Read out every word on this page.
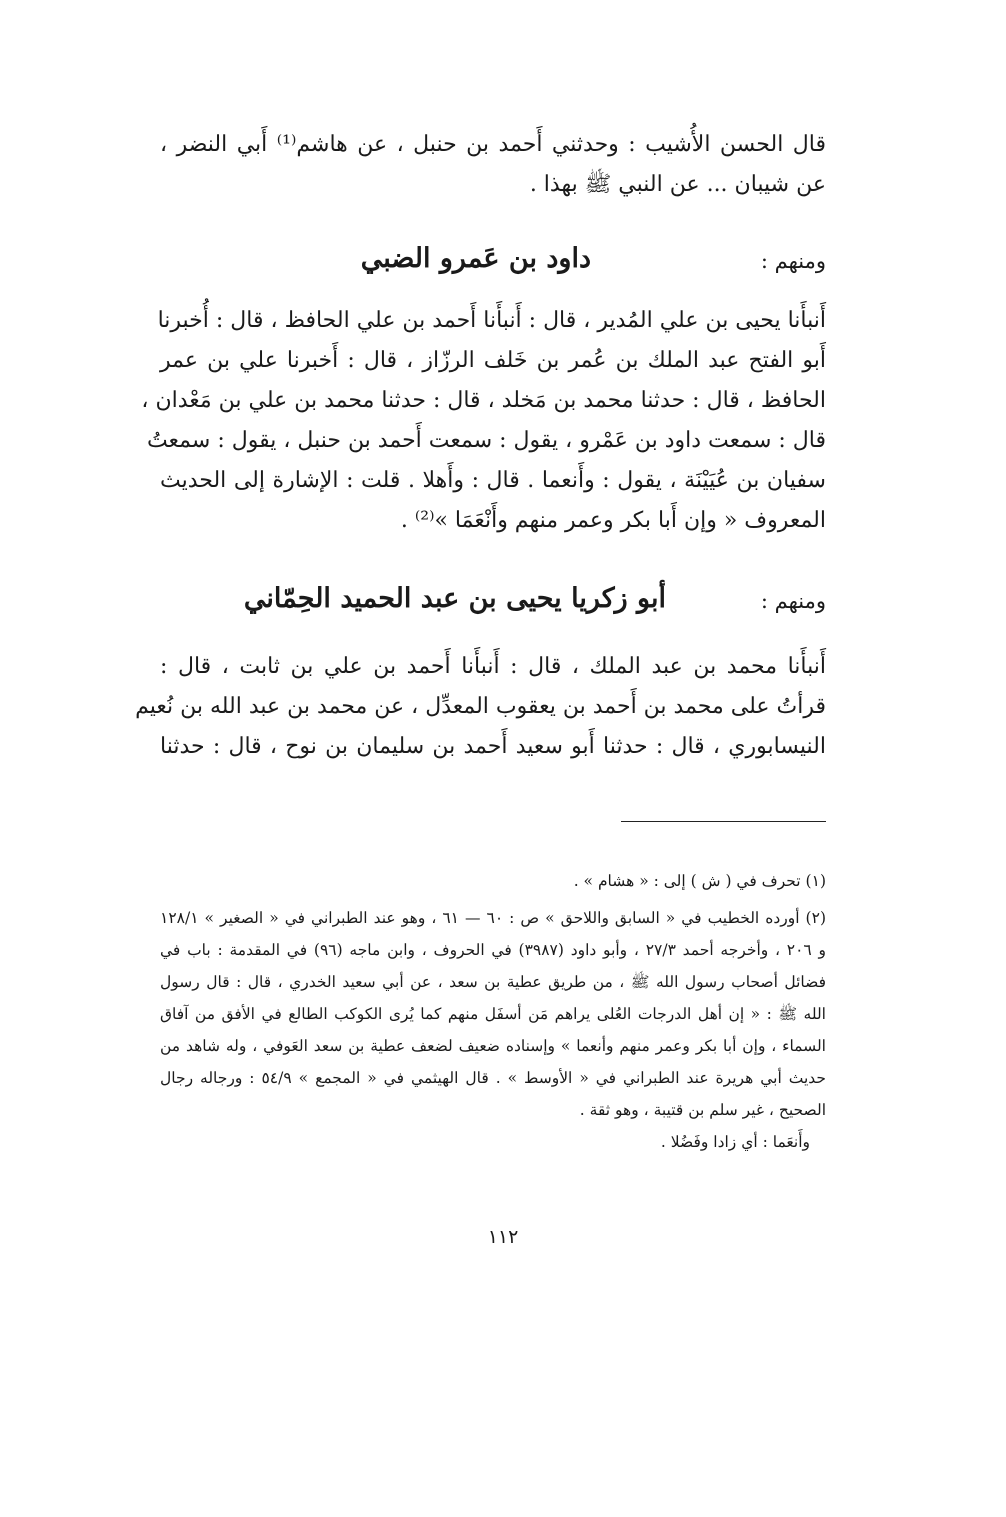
قال الحسن الأُشيب : وحدثني أَحمد بن حنبل ، عن هاشم⁽¹⁾ أَبي النضر ،
عن شيبان ... عن النبي ﷺ بهذا .
ومنهم :
داود بن عَمرو الضبي
أَنبأَنا يحيى بن علي المُدير ، قال : أَنبأَنا أَحمد بن علي الحافظ ، قال : أُخبرنا
أَبو الفتح عبد الملك بن عُمر بن خَلف الرزّاز ، قال : أَخبرنا علي بن عمر
الحافظ ، قال : حدثنا محمد بن مَخلد ، قال : حدثنا محمد بن علي بن مَعْدان ،
قال : سمعت داود بن عَمْرو ، يقول : سمعت أَحمد بن حنبل ، يقول : سمعتُ
سفيان بن عُيَيْنَة ، يقول : وأَنعما . قال : وأَهلا . قلت : الإشارة إلى الحديث
المعروف « وإن أَبا بكر وعمر منهم وأَنْعَمَا »⁽²⁾ .
ومنهم :
أبو زكريا يحيى بن عبد الحميد الحِمّاني
أَنبأَنا محمد بن عبد الملك ، قال : أَنبأَنا أَحمد بن علي بن ثابت ، قال :
قرأتُ على محمد بن أَحمد بن يعقوب المعدِّل ، عن محمد بن عبد الله بن نُعيم
النيسابوري ، قال : حدثنا أَبو سعيد أَحمد بن سليمان بن نوح ، قال : حدثنا
(١) تحرف في ( ش ) إلى : « هشام » .
(٢) أورده الخطيب في « السابق واللاحق » ص : ٦٠ — ٦١ ، وهو عند الطبراني في « الصغير » ١٢٨/١
و ٢٠٦ ، وأخرجه أحمد ٢٧/٣ ، وأبو داود (٣٩٨٧) في الحروف ، وابن ماجه (٩٦) في المقدمة : باب في
فضائل أصحاب رسول الله ﷺ ، من طريق عطية بن سعد ، عن أبي سعيد الخدري ، قال : قال رسول
الله ﷺ : « إن أهل الدرجات العُلى يراهم مَن أسفَل منهم كما يُرى الكوكب الطالع في الأفق من آفاق
السماء ، وإن أبا بكر وعمر منهم وأنعما » وإسناده ضعيف لضعف عطية بن سعد العَوفي ، وله شاهد من
حديث أبي هريرة عند الطبراني في « الأوسط » . قال الهيثمي في « المجمع » ٥٤/٩ : ورجاله رجال
الصحيح ، غير سلم بن قتيبة ، وهو ثقة .
وأَنعَما : أي زادا وفَضُلا .
١١٢
